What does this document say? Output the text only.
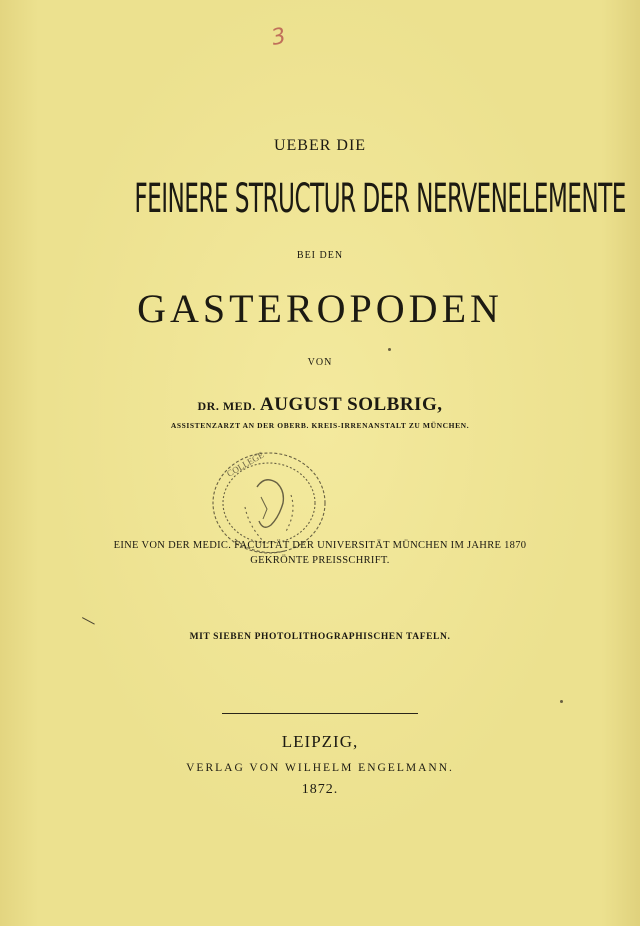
3
UEBER DIE
FEINERE STRUCTUR DER NERVENELEMENTE
BEI DEN
GASTEROPODEN
VON
DR. MED. AUGUST SOLBRIG,
ASSISTENZARZT AN DER OBERB. KREIS-IRRENANSTALT ZU MÜNCHEN.
COLLEGE
EINE VON DER MEDIC. FACULTÄT DER UNIVERSITÄT MÜNCHEN IM JAHRE 1870
GEKRÖNTE PREISSCHRIFT.
MIT SIEBEN PHOTOLITHOGRAPHISCHEN TAFELN.
LEIPZIG,
VERLAG VON WILHELM ENGELMANN.
1872.
